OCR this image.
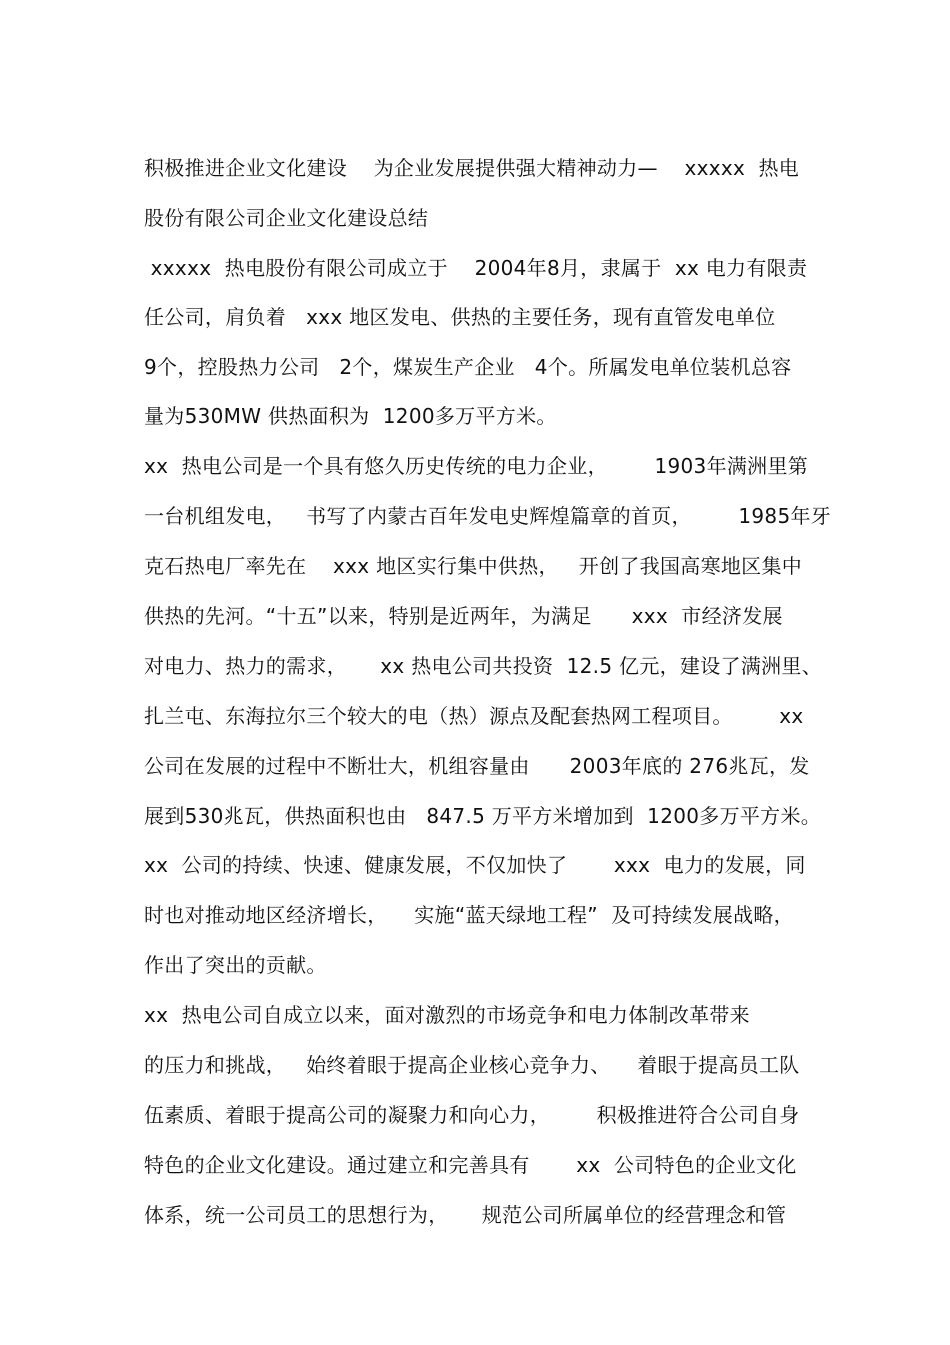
积极推进企业文化建设    为企业发展提供强大精神动力—    xxxxx  热电
股份有限公司企业文化建设总结
xxxxx  热电股份有限公司成立于    2004年8月，隶属于  xx 电力有限责
任公司，肩负着   xxx 地区发电、供热的主要任务，现有直管发电单位
9个，控股热力公司   2个，煤炭生产企业   4个。所属发电单位装机总容
量为530MW 供热面积为  1200多万平方米。
xx  热电公司是一个具有悠久历史传统的电力企业，       1903年满洲里第
一台机组发电，   书写了内蒙古百年发电史辉煌篇章的首页，       1985年牙
克石热电厂率先在    xxx 地区实行集中供热，   开创了我国高寒地区集中
供热的先河。“十五”以来，特别是近两年，为满足      xxx  市经济发展
对电力、热力的需求，     xx 热电公司共投资  12.5 亿元，建设了满洲里、
扎兰屯、东海拉尔三个较大的电（热）源点及配套热网工程项目。       xx
公司在发展的过程中不断壮大，机组容量由      2003年底的 276兆瓦，发
展到530兆瓦，供热面积也由   847.5 万平方米增加到  1200多万平方米。
xx  公司的持续、快速、健康发展，不仅加快了       xxx  电力的发展，同
时也对推动地区经济增长，    实施“蓝天绿地工程”  及可持续发展战略，
作出了突出的贡献。
xx  热电公司自成立以来，面对激烈的市场竞争和电力体制改革带来
的压力和挑战，   始终着眼于提高企业核心竞争力、    着眼于提高员工队
伍素质、着眼于提高公司的凝聚力和向心力，       积极推进符合公司自身
特色的企业文化建设。通过建立和完善具有       xx  公司特色的企业文化
体系，统一公司员工的思想行为，     规范公司所属单位的经营理念和管
